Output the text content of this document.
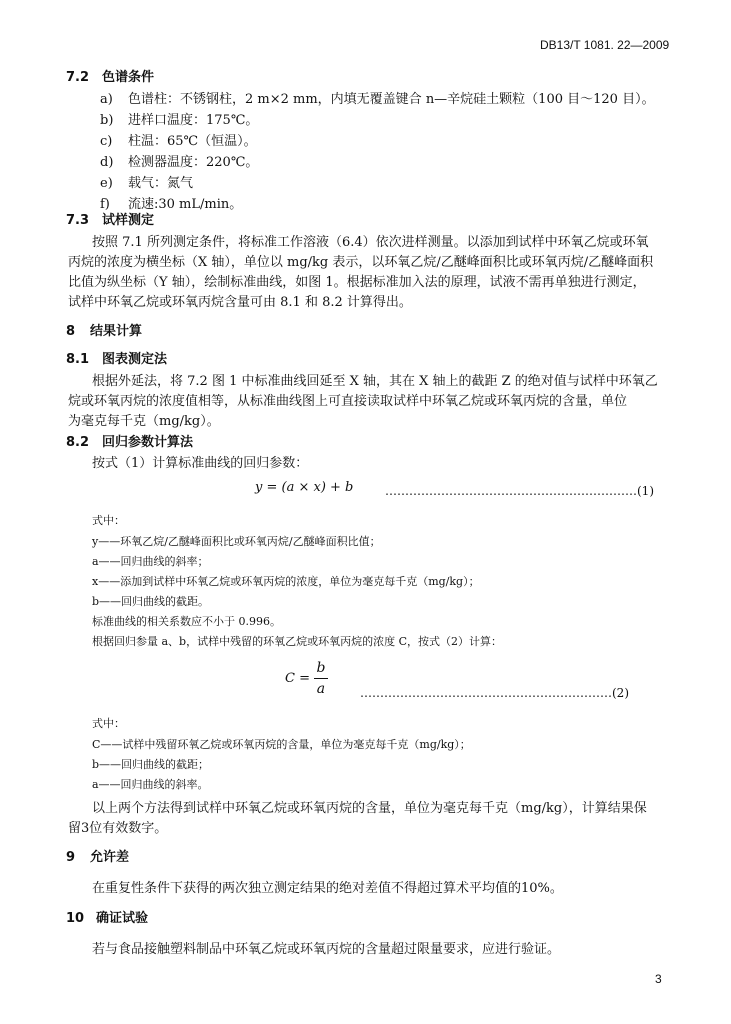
DB13/T 1081. 22—2009
7.2 色谱条件
a) 色谱柱：不锈钢柱，2 m×2 mm，内填无覆盖键合 n—辛烷硅土颗粒（100 目～120 目）。
b) 进样口温度：175℃。
c) 柱温：65℃（恒温）。
d) 检测器温度：220℃。
e) 载气：氮气
f) 流速:30 mL/min。
7.3 试样测定
按照 7.1 所列测定条件，将标准工作溶液（6.4）依次进样测量。以添加到试样中环氧乙烷或环氧
丙烷的浓度为横坐标（X 轴），单位以 mg/kg 表示，以环氧乙烷/乙醚峰面积比或环氧丙烷/乙醚峰面积
比值为纵坐标（Y 轴），绘制标准曲线，如图 1。根据标准加入法的原理，试液不需再单独进行测定，
试样中环氧乙烷或环氧丙烷含量可由 8.1 和 8.2 计算得出。
8 结果计算
8.1 图表测定法
根据外延法，将 7.2 图 1 中标准曲线回延至 X 轴，其在 X 轴上的截距 Z 的绝对值与试样中环氧乙
烷或环氧丙烷的浓度值相等，从标准曲线图上可直接读取试样中环氧乙烷或环氧丙烷的含量，单位
为毫克每千克（mg/kg）。
8.2 回归参数计算法
按式（1）计算标准曲线的回归参数：
y = (a × x) + b	………………………………………………………(1)
式中：
y——环氧乙烷/乙醚峰面积比或环氧丙烷/乙醚峰面积比值；
a——回归曲线的斜率；
x——添加到试样中环氧乙烷或环氧丙烷的浓度，单位为毫克每千克（mg/kg）；
b——回归曲线的截距。
标准曲线的相关系数应不小于 0.996。
根据回归参量 a、b，试样中残留的环氧乙烷或环氧丙烷的浓度 C，按式（2）计算：
$C = \frac{b}{a}$	………………………………………………………(2)
式中：
C——试样中残留环氧乙烷或环氧丙烷的含量，单位为毫克每千克（mg/kg）；
b——回归曲线的截距；
a——回归曲线的斜率。
以上两个方法得到试样中环氧乙烷或环氧丙烷的含量，单位为毫克每千克（mg/kg），计算结果保
留3位有效数字。
9 允许差
在重复性条件下获得的两次独立测定结果的绝对差值不得超过算术平均值的10%。
10 确证试验
若与食品接触塑料制品中环氧乙烷或环氧丙烷的含量超过限量要求，应进行验证。
3
